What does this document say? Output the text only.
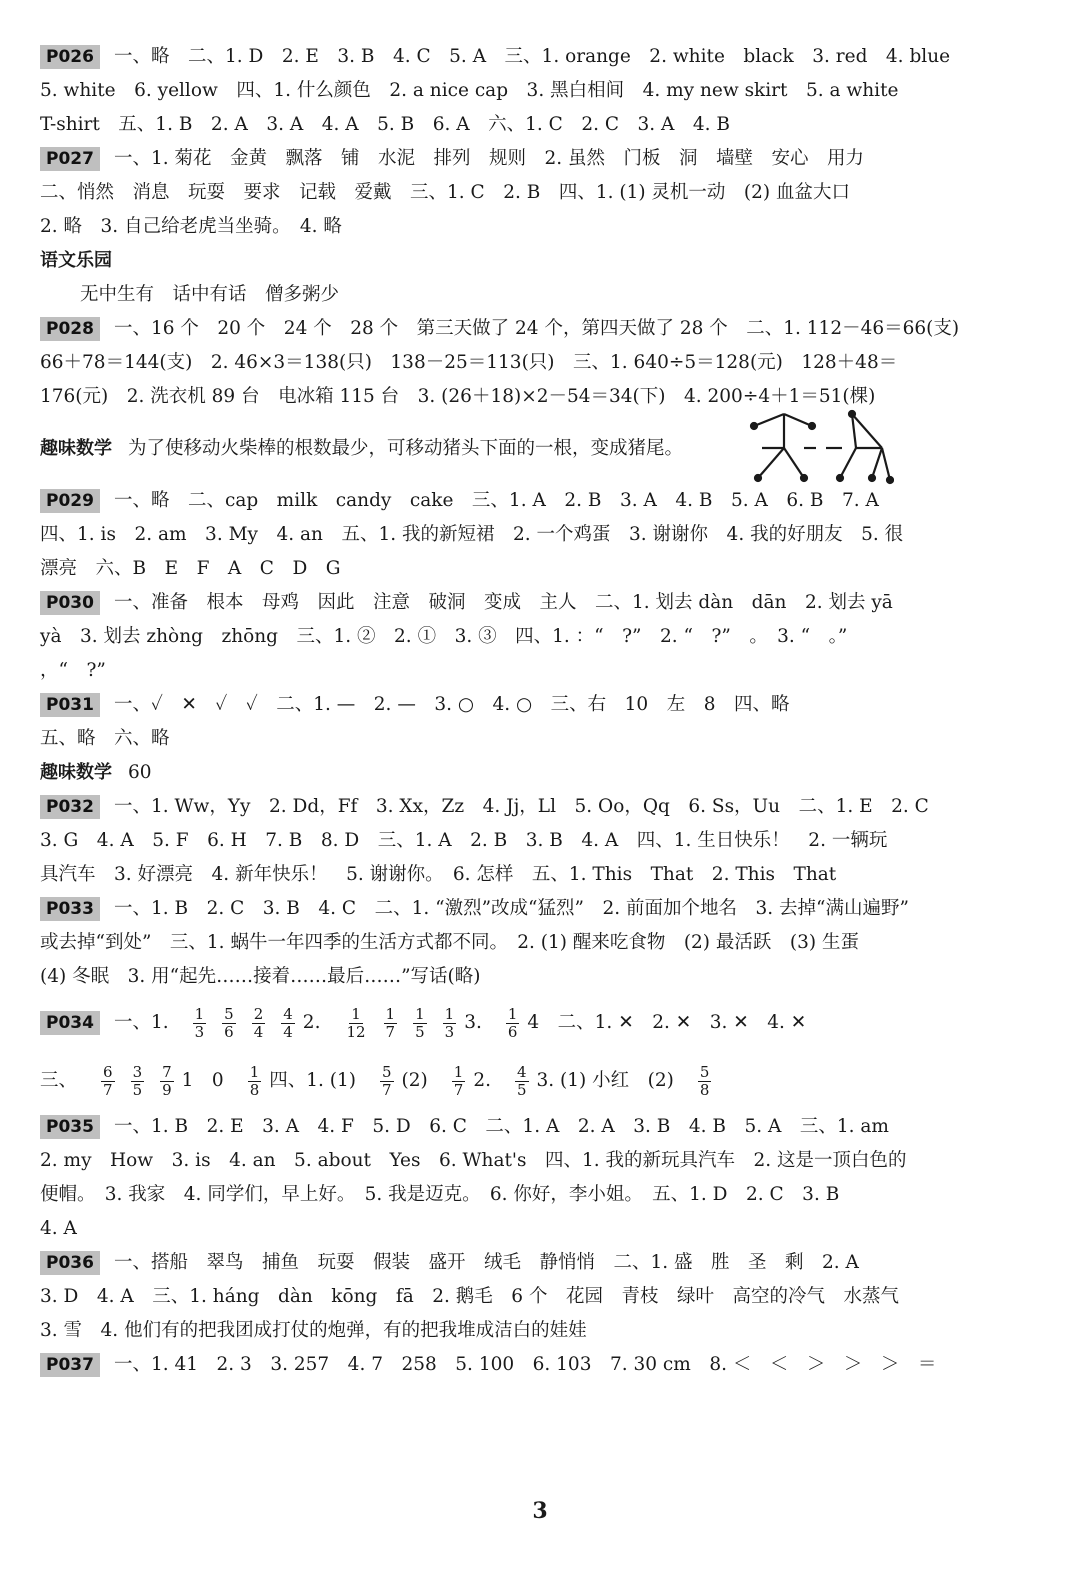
P026	一、略　二、1. D　2. E　3. B　4. C　5. A　三、1. orange　2. white　black　3. red　4. blue
5. white　6. yellow　四、1. 什么颜色　2. a nice cap　3. 黑白相间　4. my new skirt　5. a white
T-shirt　五、1. B　2. A　3. A　4. A　5. B　6. A　六、1. C　2. C　3. A　4. B
P027	一、1. 菊花　金黄　飘落　铺　水泥　排列　规则　2. 虽然　门板　洞　墙壁　安心　用力
二、悄然　消息　玩耍　要求　记载　爱戴　三、1. C　2. B　四、1. (1) 灵机一动　(2) 血盆大口
2. 略　3. 自己给老虎当坐骑。　4. 略
语文乐园
无中生有　话中有话　僧多粥少
P028	一、16 个　20 个　24 个　28 个　第三天做了 24 个，第四天做了 28 个　二、1. 112－46＝66(支)
66＋78＝144(支)　2. 46×3＝138(只)　138－25＝113(只)　三、1. 640÷5＝128(元)　128＋48＝
176(元)　2. 洗衣机 89 台　电冰箱 115 台　3. (26＋18)×2－54＝34(下)　4. 200÷4＋1＝51(棵)
趣味数学 为了使移动火柴棒的根数最少，可移动猪头下面的一根，变成猪尾。
P029	一、略　二、cap　milk　candy　cake　三、1. A　2. B　3. A　4. B　5. A　6. B　7. A
四、1. is　2. am　3. My　4. an　五、1. 我的新短裙　2. 一个鸡蛋　3. 谢谢你　4. 我的好朋友　5. 很
漂亮　六、B　E　F　A　C　D　G
P030	一、准备　根本　母鸡　因此　注意　破洞　变成　主人　二、1. 划去 dàn　dān　2. 划去 yā
yà　3. 划去 zhòng　zhōng　三、1. ②　2. ①　3. ③　四、1. ：“　?”　2. “　?”　。　3. “　。”
，“　?”
P031	一、✓　✕　✓　✓　二、1. —　2. —　3. ○　4. ○　三、右　10　左　8　四、略
五、略　六、略
趣味数学 60
P032	一、1. Ww，Yy　2. Dd，Ff　3. Xx，Zz　4. Jj，Ll　5. Oo，Qq　6. Ss，Uu　二、1. E　2. C
3. G　4. A　5. F　6. H　7. B　8. D　三、1. A　2. B　3. B　4. A　四、1. 生日快乐！　2. 一辆玩
具汽车　3. 好漂亮　4. 新年快乐！　5. 谢谢你。　6. 怎样　五、1. This　That　2. This　That
P033	一、1. B　2. C　3. B　4. C　二、1. “激烈”改成“猛烈”　2. 前面加个地名　3. 去掉“满山遍野”
或去掉“到处”　三、1. 蜗牛一年四季的生活方式都不同。　2. (1) 醒来吃食物　(2) 最活跃　(3) 生蛋
(4) 冬眠　3. 用“起先……接着……最后……”写话(略)
P034	一、1. $\frac{1}{3} \frac{5}{6} \frac{2}{4} \frac{4}{4} 2$. $\frac{1}{12} \frac{1}{7} \frac{1}{5} \frac{1}{3} 3$. $\frac{1}{6} 4$　二、1. ✕　2. ✕　3. ✕　4. ✕
三、 $\frac{6}{7} \frac{3}{5} \frac{7}{9} 1$　$0 \frac{1}{8}$ 四、1. $(1) \frac{5}{7} (2) \frac{1}{7} 2$. $\frac{4}{5} 3$. (1) 小红　$(2) \frac{5}{8}$
P035	一、1. B　2. E　3. A　4. F　5. D　6. C　二、1. A　2. A　3. B　4. B　5. A　三、1. am
2. my　How　3. is　4. an　5. about　Yes　6. What's　四、1. 我的新玩具汽车　2. 这是一顶白色的
便帽。　3. 我家　4. 同学们，早上好。　5. 我是迈克。　6. 你好，李小姐。　五、1. D　2. C　3. B
4. A
P036	一、搭船　翠鸟　捕鱼　玩耍　假装　盛开　绒毛　静悄悄　二、1. 盛　胜　圣　剩　2. A
3. D　4. A　三、1. háng　dàn　kōng　fā　2. 鹅毛　6 个　花园　青枝　绿叶　高空的冷气　水蒸气
3. 雪　4. 他们有的把我团成打仗的炮弹，有的把我堆成洁白的娃娃
P037	一、1. 41　2. 3　3. 257　4. 7　258　5. 100　6. 103　7. 30 cm　8. ＜　＜　＞　＞　＞　＝
3
